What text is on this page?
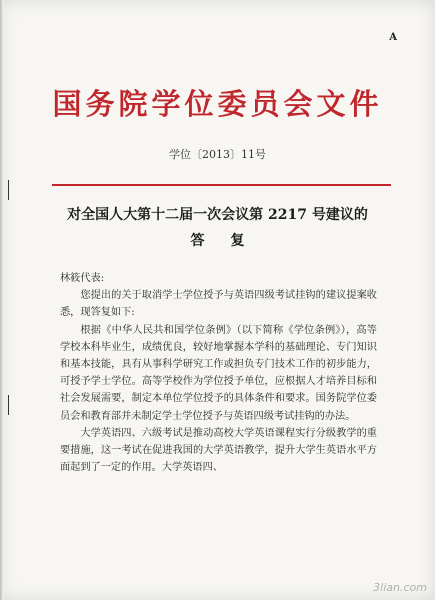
A
国务院学位委员会文件
学位〔2013〕11号
对全国人大第十二届一次会议第 2217 号建议的
答复

林筱代表:

您提出的关于取消学士学位授予与英语四级考试挂钩的建议提案收悉，现答复如下:

根据《中华人民共和国学位条例》（以下简称《学位条例》），高等学校本科毕业生，成绩优良，较好地掌握本学科的基础理论、专门知识和基本技能，具有从事科学研究工作或担负专门技术工作的初步能力，可授予学士学位。高等学校作为学位授予单位，应根据人才培养目标和社会发展需要，制定本单位学位授予的具体条件和要求。国务院学位委员会和教育部并未制定学士学位授予与英语四级考试挂钩的办法。

大学英语四、六级考试是推动高校大学英语课程实行分级教学的重要措施，这一考试在促进我国的大学英语教学，提升大学生英语水平方面起到了一定的作用。大学英语四、

3lian.com
